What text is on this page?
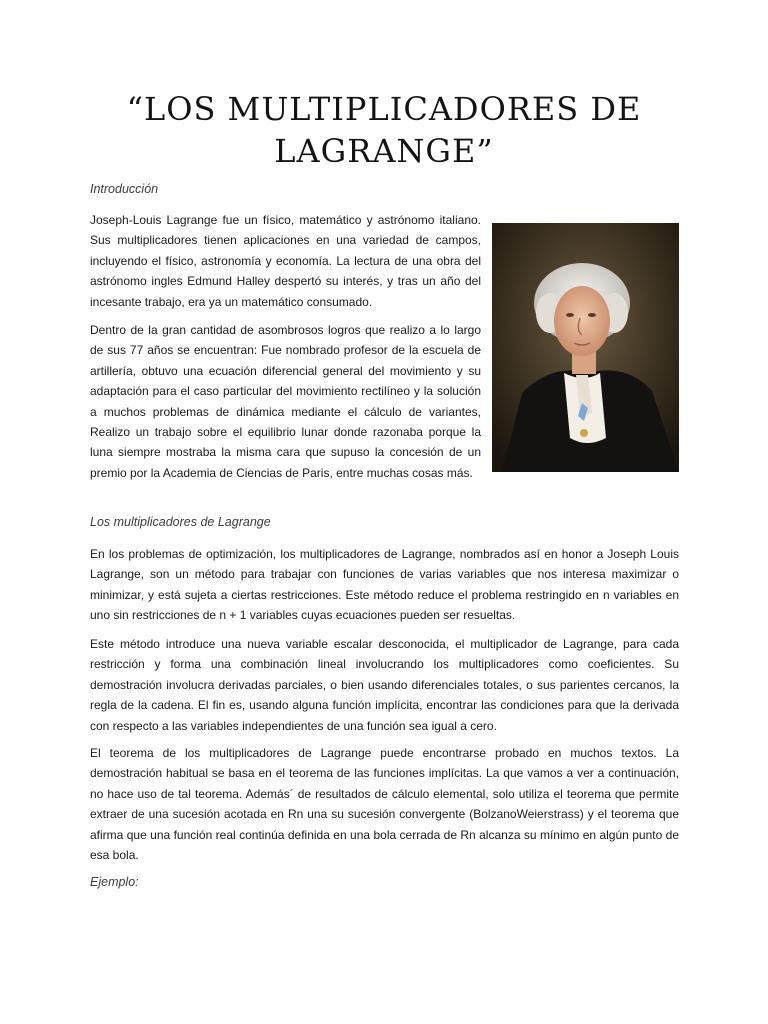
“LOS MULTIPLICADORES DE LAGRANGE”

Introducción

Joseph-Louis Lagrange fue un físico, matemático y astrónomo italiano. Sus multiplicadores tienen aplicaciones en una variedad de campos, incluyendo el físico, astronomía y economía. La lectura de una obra del astrónomo ingles Edmund Halley despertó su interés, y tras un año del incesante trabajo, era ya un matemático consumado.

Dentro de la gran cantidad de asombrosos logros que realizo a lo largo de sus 77 años se encuentran: Fue nombrado profesor de la escuela de artillería, obtuvo una ecuación diferencial general del movimiento y su adaptación para el caso particular del movimiento rectilíneo y la solución a muchos problemas de dinámica mediante el cálculo de variantes, Realizo un trabajo sobre el equilibrio lunar donde razonaba porque la luna siempre mostraba la misma cara que supuso la concesión de un premio por la Academia de Ciencias de Paris, entre muchas cosas más.

Los multiplicadores de Lagrange

En los problemas de optimización, los multiplicadores de Lagrange, nombrados así en honor a Joseph Louis Lagrange, son un método para trabajar con funciones de varias variables que nos interesa maximizar o minimizar, y está sujeta a ciertas restricciones. Este método reduce el problema restringido en n variables en uno sin restricciones de n + 1 variables cuyas ecuaciones pueden ser resueltas.

Este método introduce una nueva variable escalar desconocida, el multiplicador de Lagrange, para cada restricción y forma una combinación lineal involucrando los multiplicadores como coeficientes. Su demostración involucra derivadas parciales, o bien usando diferenciales totales, o sus parientes cercanos, la regla de la cadena. El fin es, usando alguna función implícita, encontrar las condiciones para que la derivada con respecto a las variables independientes de una función sea igual a cero.

El teorema de los multiplicadores de Lagrange puede encontrarse probado en muchos textos. La demostración habitual se basa en el teorema de las funciones implícitas. La que vamos a ver a continuación, no hace uso de tal teorema. Además´ de resultados de cálculo elemental, solo utiliza el teorema que permite extraer de una sucesión acotada en Rn una su sucesión convergente (BolzanoWeierstrass) y el teorema que afirma que una función real continúa definida en una bola cerrada de Rn alcanza su mínimo en algún punto de esa bola.

Ejemplo:
